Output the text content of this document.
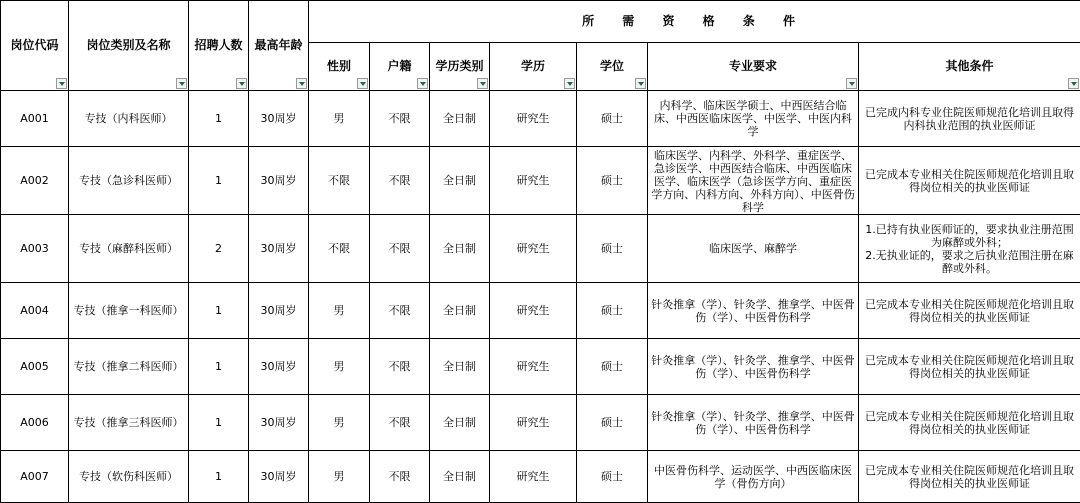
岗位代码	岗位类别及名称	招聘人数	最高年龄	所 需 资 格 条 件						
				性别	户籍	学历类别	学历	学位	专业要求	其他条件

A001	专技（内科医师）	1	30周岁	男	不限	全日制	研究生	硕士	内科学、临床医学硕士、中西医结合临床、中西医临床医学、中医学、中医内科学	已完成内科专业住院医师规范化培训且取得内科执业范围的执业医师证

A002	专技（急诊科医师）	1	30周岁	不限	不限	全日制	研究生	硕士	临床医学、内科学、外科学、重症医学、急诊医学、中西医结合临床、中西医临床医学、临床医学（急诊医学方向、重症医学方向、内科方向、外科方向）、中医骨伤科学	已完成本专业相关住院医师规范化培训且取得岗位相关的执业医师证

A003	专技（麻醉科医师）	2	30周岁	不限	不限	全日制	研究生	硕士	临床医学、麻醉学	1.已持有执业医师证的，要求执业注册范围为麻醉或外科；
2.无执业证的，要求之后执业范围注册在麻醉或外科。

A004	专技（推拿一科医师）	1	30周岁	男	不限	全日制	研究生	硕士	针灸推拿（学）、针灸学、推拿学、中医骨伤（学）、中医骨伤科学	已完成本专业相关住院医师规范化培训且取得岗位相关的执业医师证

A005	专技（推拿二科医师）	1	30周岁	男	不限	全日制	研究生	硕士	针灸推拿（学）、针灸学、推拿学、中医骨伤（学）、中医骨伤科学	已完成本专业相关住院医师规范化培训且取得岗位相关的执业医师证

A006	专技（推拿三科医师）	1	30周岁	男	不限	全日制	研究生	硕士	针灸推拿（学）、针灸学、推拿学、中医骨伤（学）、中医骨伤科学	已完成本专业相关住院医师规范化培训且取得岗位相关的执业医师证

A007	专技（软伤科医师）	1	30周岁	男	不限	全日制	研究生	硕士	中医骨伤科学、运动医学、中西医临床医学（骨伤方向）	已完成本专业相关住院医师规范化培训且取得岗位相关的执业医师证
